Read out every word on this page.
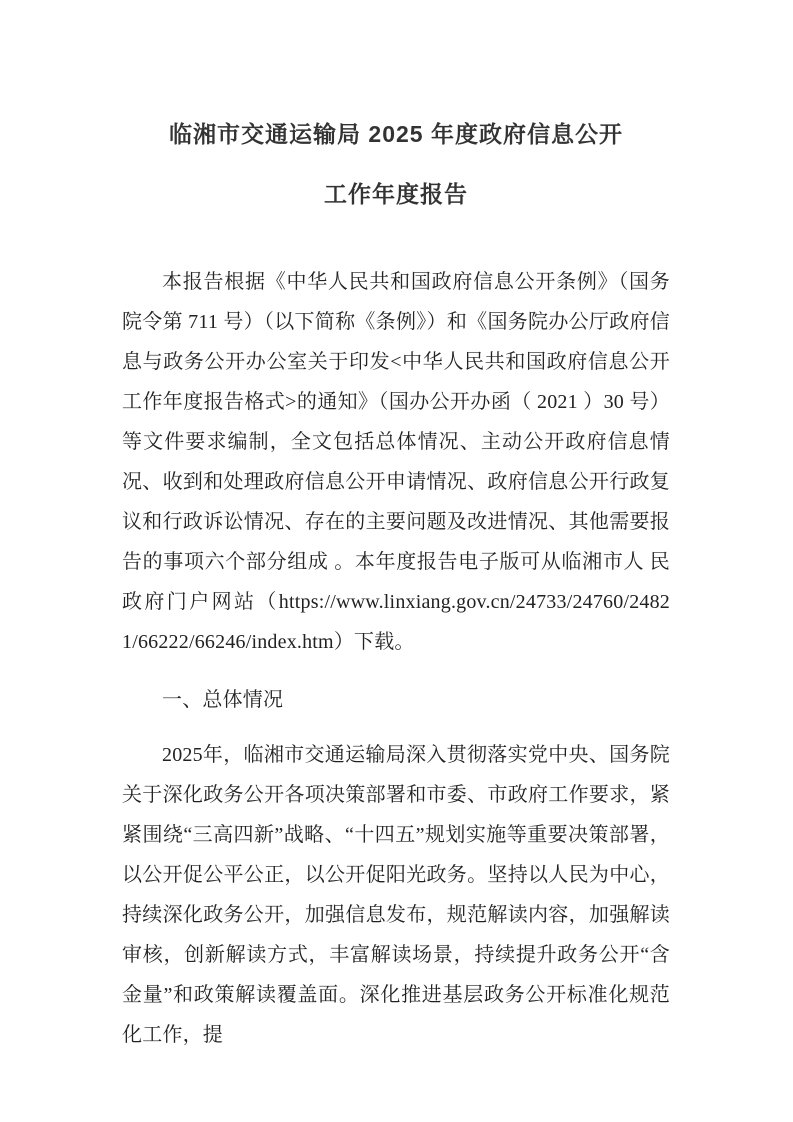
临湘市交通运输局 2025 年度政府信息公开
工作年度报告

本报告根据《中华人民共和国政府信息公开条例》（国务院令第 711 号）（以下简称《条例》）和《国务院办公厅政府信息与政务公开办公室关于印发<中华人民共和国政府信息公开工作年度报告格式>的通知》（国办公开办函（ 2021 ）30 号）等文件要求编制，全文包括总体情况、主动公开政府信息情况、收到和处理政府信息公开申请情况、政府信息公开行政复议和行政诉讼情况、存在的主要问题及改进情况、其他需要报告的事项六个部分组成 。本年度报告电子版可从临湘市人 民政府门户网站（https://www.linxiang.gov.cn/24733/24760/24821/66222/66246/index.htm）下载。

一、总体情况

2025年，临湘市交通运输局深入贯彻落实党中央、国务院关于深化政务公开各项决策部署和市委、市政府工作要求，紧紧围绕“三高四新”战略、“十四五”规划实施等重要决策部署，以公开促公平公正，以公开促阳光政务。坚持以人民为中心，持续深化政务公开，加强信息发布，规范解读内容，加强解读审核，创新解读方式，丰富解读场景，持续提升政务公开“含金量”和政策解读覆盖面。深化推进基层政务公开标准化规范化工作，提
